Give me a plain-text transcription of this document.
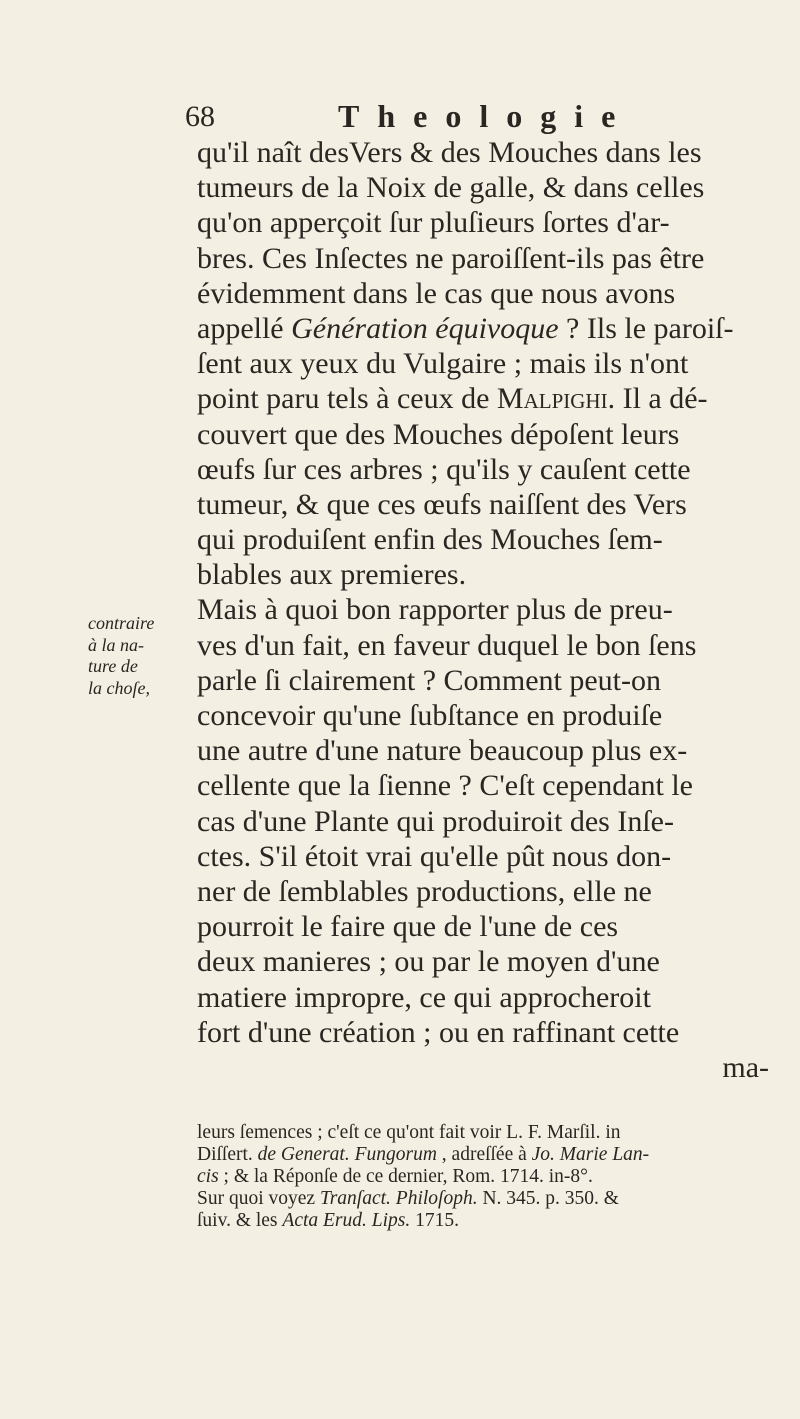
68	Theologie
qu'il naît desVers & des Mouches dans les
tumeurs de la Noix de galle, & dans celles
qu'on apperçoit ſur pluſieurs ſortes d'ar-
bres. Ces Inſectes ne paroiſſent-ils pas être
évidemment dans le cas que nous avons
appellé Génération équivoque ? Ils le paroiſ-
ſent aux yeux du Vulgaire ; mais ils n'ont
point paru tels à ceux de Malpighi. Il a dé-
couvert que des Mouches dépoſent leurs
œufs ſur ces arbres ; qu'ils y cauſent cette
tumeur, & que ces œufs naiſſent des Vers
qui produiſent enfin des Mouches ſem-
blables aux premieres.
Mais à quoi bon rapporter plus de preu-
ves d'un fait, en faveur duquel le bon ſens
parle ſi clairement ? Comment peut-on
concevoir qu'une ſubſtance en produiſe
une autre d'une nature beaucoup plus ex-
cellente que la ſienne ? C'eſt cependant le
cas d'une Plante qui produiroit des Inſe-
ctes. S'il étoit vrai qu'elle pût nous don-
ner de ſemblables productions, elle ne
pourroit le faire que de l'une de ces
deux manieres ; ou par le moyen d'une
matiere impropre, ce qui approcheroit
fort d'une création ; ou en raffinant cette
ma-
contraire
à la na-
ture de
la choſe,
leurs ſemences ; c'eſt ce qu'ont fait voir L. F. Marſil. in
Diſſert. de Generat. Fungorum , adreſſée à Jo. Marie Lan-
cis ; & la Réponſe de ce dernier, Rom. 1714. in-8°.
Sur quoi voyez Tranſact. Philoſoph. N. 345. p. 350. &
ſuiv. & les Acta Erud. Lips. 1715.
